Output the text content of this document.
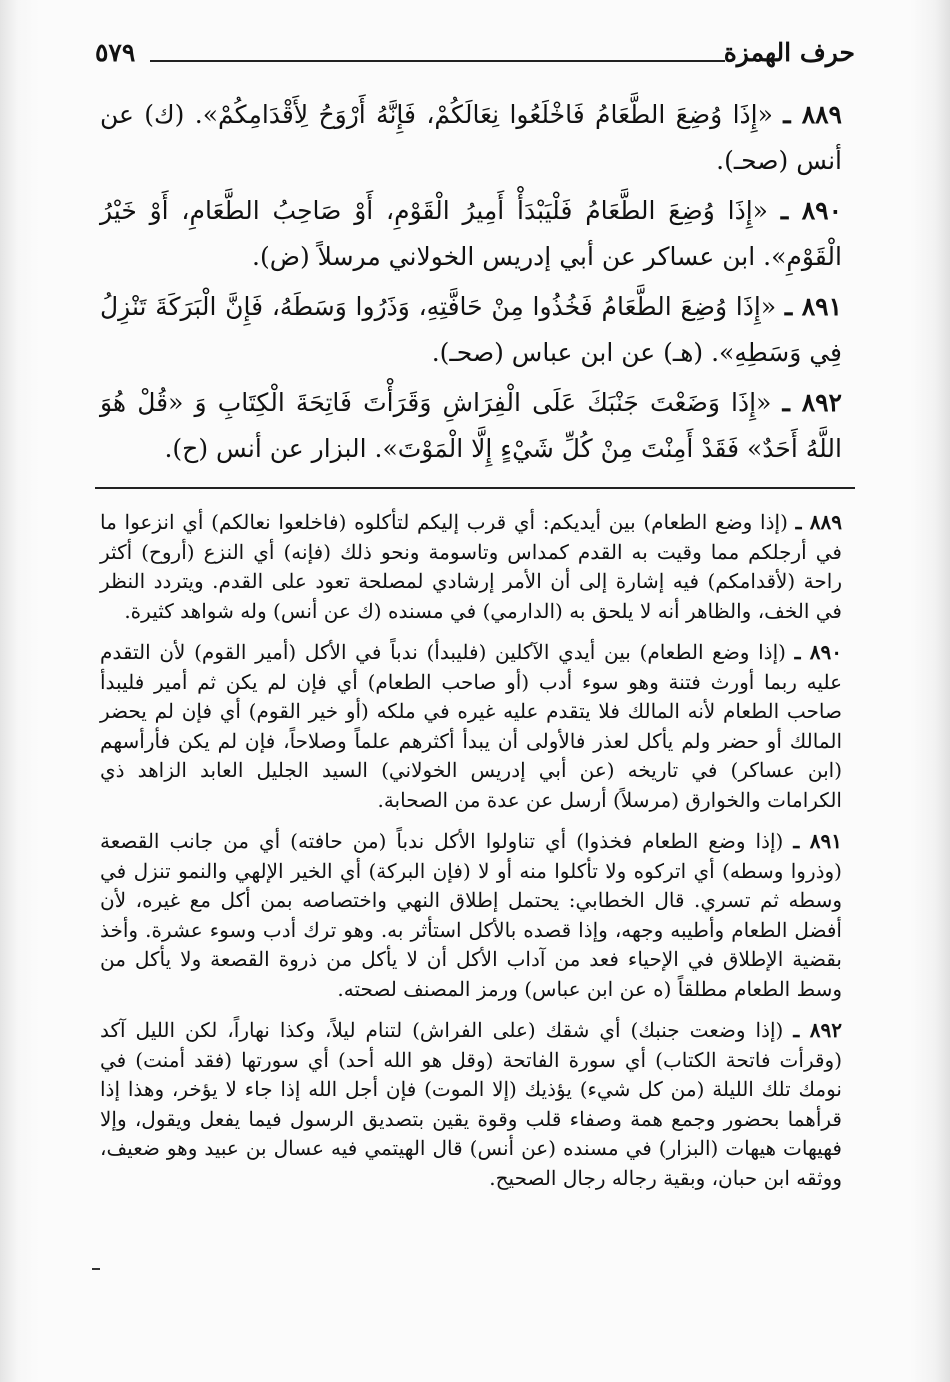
حرف الهمزة
٥٧٩

٨٨٩ ـ «إِذَا وُضِعَ الطَّعَامُ فَاخْلَعُوا نِعَالَكُمْ، فَإِنَّهُ أَرْوَحُ لِأَقْدَامِكُمْ». (ك) عن أنس (صحـ).

٨٩٠ ـ «إِذَا وُضِعَ الطَّعَامُ فَلْيَبْدَأْ أَمِيرُ الْقَوْمِ، أَوْ صَاحِبُ الطَّعَامِ، أَوْ خَيْرُ الْقَوْمِ». ابن عساكر عن أبي إدريس الخولاني مرسلاً (ض).

٨٩١ ـ «إِذَا وُضِعَ الطَّعَامُ فَخُذُوا مِنْ حَافَّتِهِ، وَذَرُوا وَسَطَهُ، فَإِنَّ الْبَرَكَةَ تَنْزِلُ فِي وَسَطِهِ». (هـ) عن ابن عباس (صحـ).

٨٩٢ ـ «إِذَا وَضَعْتَ جَنْبَكَ عَلَى الْفِرَاشِ وَقَرَأْتَ فَاتِحَةَ الْكِتَابِ وَ «قُلْ هُوَ اللَّهُ أَحَدٌ» فَقَدْ أَمِنْتَ مِنْ كُلِّ شَيْءٍ إِلَّا الْمَوْتَ». البزار عن أنس (ح).

٨٨٩ ـ (إذا وضع الطعام) بين أيديكم: أي قرب إليكم لتأكلوه (فاخلعوا نعالكم) أي انزعوا ما في أرجلكم مما وقيت به القدم كمداس وتاسومة ونحو ذلك (فإنه) أي النزع (أروح) أكثر راحة (لأقدامكم) فيه إشارة إلى أن الأمر إرشادي لمصلحة تعود على القدم. ويتردد النظر في الخف، والظاهر أنه لا يلحق به (الدارمي) في مسنده (ك عن أنس) وله شواهد كثيرة.

٨٩٠ ـ (إذا وضع الطعام) بين أيدي الآكلين (فليبدأ) ندباً في الأكل (أمير القوم) لأن التقدم عليه ربما أورث فتنة وهو سوء أدب (أو صاحب الطعام) أي فإن لم يكن ثم أمير فليبدأ صاحب الطعام لأنه المالك فلا يتقدم عليه غيره في ملكه (أو خير القوم) أي فإن لم يحضر المالك أو حضر ولم يأكل لعذر فالأولى أن يبدأ أكثرهم علماً وصلاحاً، فإن لم يكن فأرأسهم (ابن عساكر) في تاريخه (عن أبي إدريس الخولاني) السيد الجليل العابد الزاهد ذي الكرامات والخوارق (مرسلاً) أرسل عن عدة من الصحابة.

٨٩١ ـ (إذا وضع الطعام فخذوا) أي تناولوا الأكل ندباً (من حافته) أي من جانب القصعة (وذروا وسطه) أي اتركوه ولا تأكلوا منه أو لا (فإن البركة) أي الخير الإلهي والنمو تنزل في وسطه ثم تسري. قال الخطابي: يحتمل إطلاق النهي واختصاصه بمن أكل مع غيره، لأن أفضل الطعام وأطيبه وجهه، وإذا قصده بالأكل استأثر به. وهو ترك أدب وسوء عشرة. وأخذ بقضية الإطلاق في الإحياء فعد من آداب الأكل أن لا يأكل من ذروة القصعة ولا يأكل من وسط الطعام مطلقاً (ه عن ابن عباس) ورمز المصنف لصحته.

٨٩٢ ـ (إذا وضعت جنبك) أي شقك (على الفراش) لتنام ليلاً، وكذا نهاراً، لكن الليل آكد (وقرأت فاتحة الكتاب) أي سورة الفاتحة (وقل هو الله أحد) أي سورتها (فقد أمنت) في نومك تلك الليلة (من كل شيء) يؤذيك (إلا الموت) فإن أجل الله إذا جاء لا يؤخر، وهذا إذا قرأهما بحضور وجمع همة وصفاء قلب وقوة يقين بتصديق الرسول فيما يفعل ويقول، وإلا فهيهات هيهات (البزار) في مسنده (عن أنس) قال الهيتمي فيه عسال بن عبيد وهو ضعيف، ووثقه ابن حبان، وبقية رجاله رجال الصحيح.
